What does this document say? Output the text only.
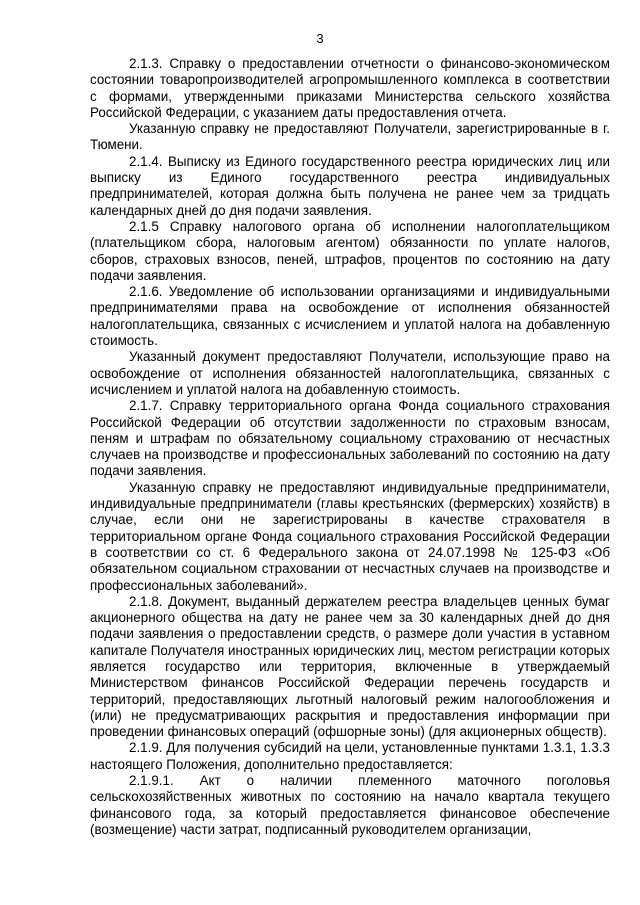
3

2.1.3. Справку о предоставлении отчетности о финансово-экономическом состоянии товаропроизводителей агропромышленного комплекса в соответствии с формами, утвержденными приказами Министерства сельского хозяйства Российской Федерации, с указанием даты предоставления отчета.

Указанную справку не предоставляют Получатели, зарегистрированные в г. Тюмени.

2.1.4. Выписку из Единого государственного реестра юридических лиц или выписку из Единого государственного реестра индивидуальных предпринимателей, которая должна быть получена не ранее чем за тридцать календарных дней до дня подачи заявления.

2.1.5 Справку налогового органа об исполнении налогоплательщиком (плательщиком сбора, налоговым агентом) обязанности по уплате налогов, сборов, страховых взносов, пеней, штрафов, процентов по состоянию на дату подачи заявления.

2.1.6. Уведомление об использовании организациями и индивидуальными предпринимателями права на освобождение от исполнения обязанностей налогоплательщика, связанных с исчислением и уплатой налога на добавленную стоимость.

Указанный документ предоставляют Получатели, использующие право на освобождение от исполнения обязанностей налогоплательщика, связанных с исчислением и уплатой налога на добавленную стоимость.

2.1.7. Справку территориального органа Фонда социального страхования Российской Федерации об отсутствии задолженности по страховым взносам, пеням и штрафам по обязательному социальному страхованию от несчастных случаев на производстве и профессиональных заболеваний по состоянию на дату подачи заявления.

Указанную справку не предоставляют индивидуальные предприниматели, индивидуальные предприниматели (главы крестьянских (фермерских) хозяйств) в случае, если они не зарегистрированы в качестве страхователя в территориальном органе Фонда социального страхования Российской Федерации в соответствии со ст. 6 Федерального закона от 24.07.1998 № 125-ФЗ «Об обязательном социальном страховании от несчастных случаев на производстве и профессиональных заболеваний».

2.1.8. Документ, выданный держателем реестра владельцев ценных бумаг акционерного общества на дату не ранее чем за 30 календарных дней до дня подачи заявления о предоставлении средств, о размере доли участия в уставном капитале Получателя иностранных юридических лиц, местом регистрации которых является государство или территория, включенные в утверждаемый Министерством финансов Российской Федерации перечень государств и территорий, предоставляющих льготный налоговый режим налогообложения и (или) не предусматривающих раскрытия и предоставления информации при проведении финансовых операций (офшорные зоны) (для акционерных обществ).

2.1.9. Для получения субсидий на цели, установленные пунктами 1.3.1, 1.3.3 настоящего Положения, дополнительно предоставляется:

2.1.9.1. Акт о наличии племенного маточного поголовья сельскохозяйственных животных по состоянию на начало квартала текущего финансового года, за который предоставляется финансовое обеспечение (возмещение) части затрат, подписанный руководителем организации,
